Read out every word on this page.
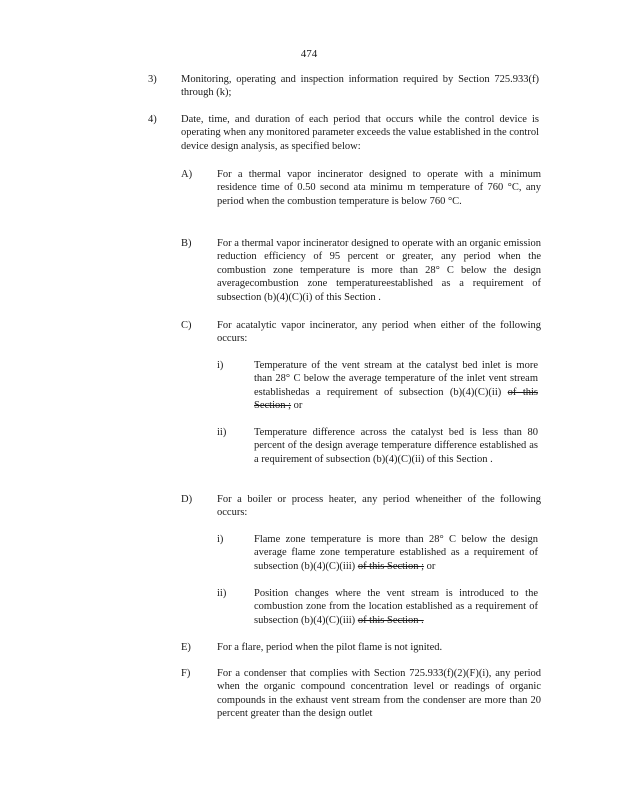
474
3) Monitoring, operating and inspection information required by Section 725.933(f) through (k);
4) Date, time, and duration of each period that occurs while the control device is operating when any monitored parameter exceeds the value established in the control device design analysis, as specified below:
A) For a thermal vapor incinerator designed to operate with a minimum residence time of 0.50 second ata minimu m temperature of 760 °C, any period when the combustion temperature is below 760 °C.
B) For a thermal vapor incinerator designed to operate with an organic emission reduction efficiency of 95 percent or greater, any period when the combustion zone temperature is more than 28° C below the design averagecombustion zone temperatureestablished as a requirement of subsection (b)(4)(C)(i) of this Section .
C) For acatalytic vapor incinerator, any period when either of the following occurs:
i)	Temperature of the vent stream at the catalyst bed inlet is more than 28° C below the average temperature of the inlet vent stream establishedas a requirement of subsection (b)(4)(C)(ii) of this Section ; or
ii)	Temperature difference across the catalyst bed is less than 80 percent of the design average temperature difference established as a requirement of subsection (b)(4)(C)(ii) of this Section .
D) For a boiler or process heater, any period wheneither of the following occurs:
i)	Flame zone temperature is more than 28° C below the design average flame zone temperature established as a requirement of subsection (b)(4)(C)(iii) of this Section ; or
ii)	Position changes where the vent stream is introduced to the combustion zone from the location established as a requirement of subsection (b)(4)(C)(iii) of this Section .
E) For a flare, period when the pilot flame is not ignited.
F)	For a condenser that complies with Section 725.933(f)(2)(F)(i), any period when the organic compound concentration level or readings of organic compounds in the exhaust vent stream from the condenser are more than 20 percent greater than the design outlet
